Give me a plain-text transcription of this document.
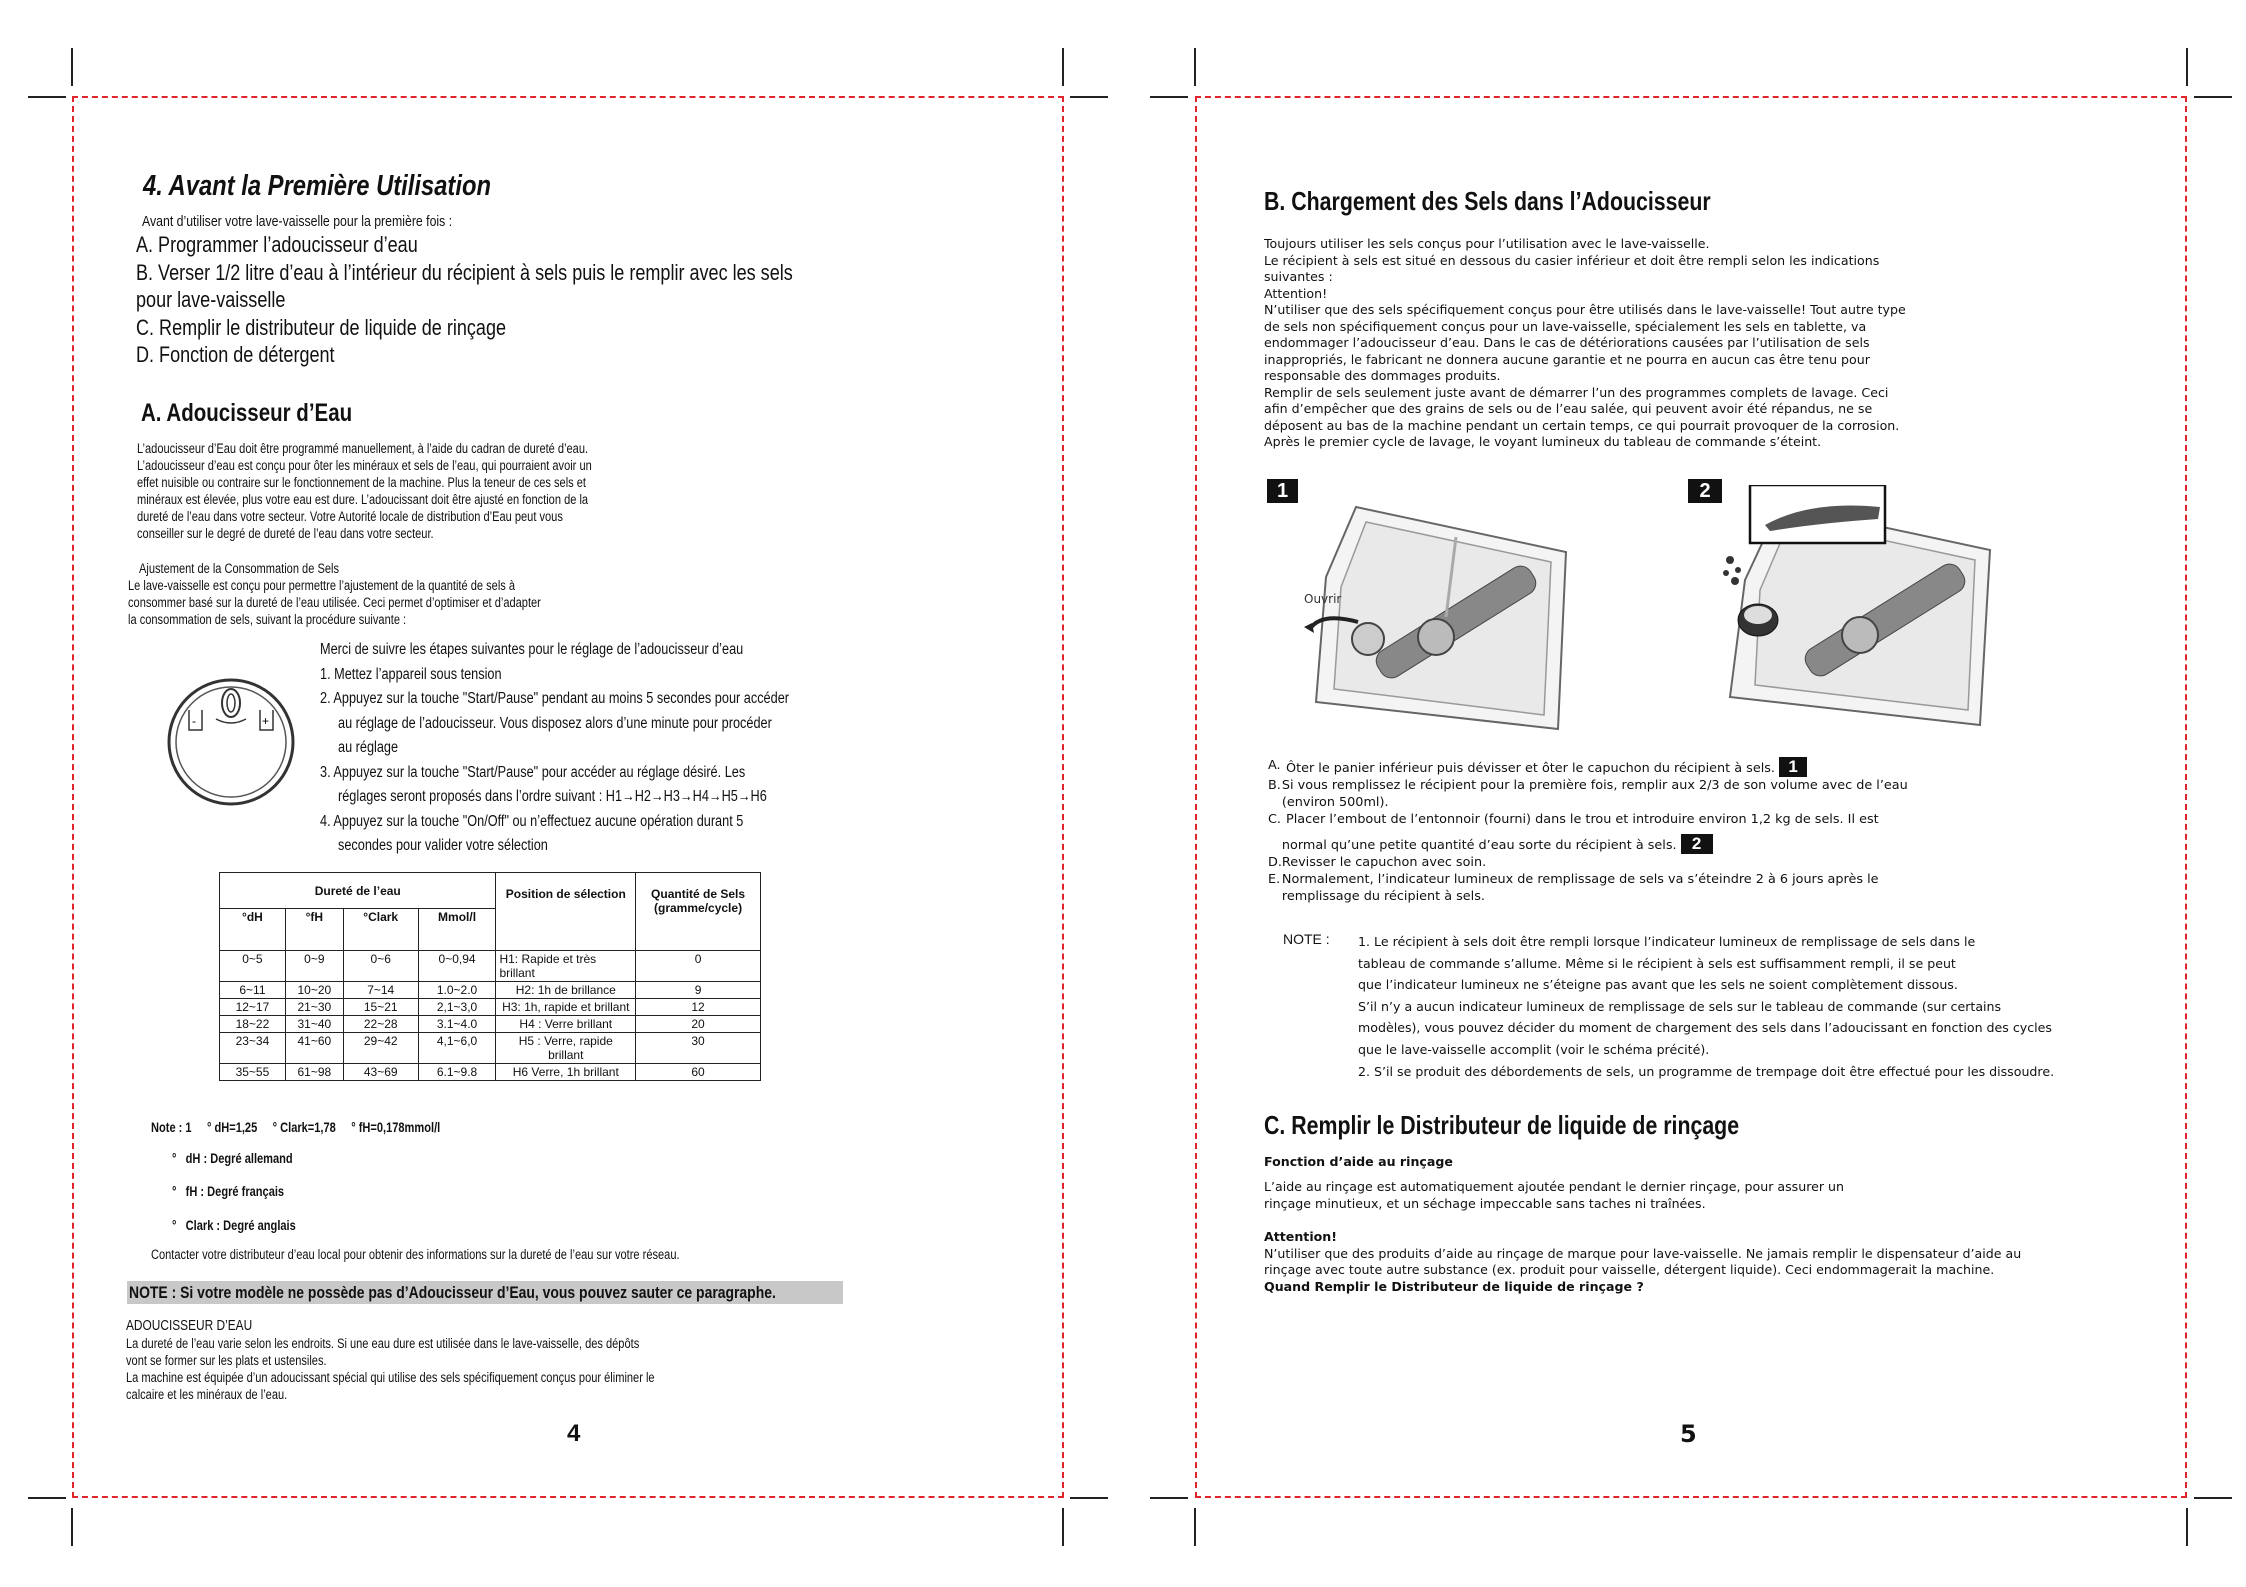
4. Avant la Première Utilisation
Avant d’utiliser votre lave-vaisselle pour la première fois :
A. Programmer l’adoucisseur d’eau
B. Verser 1/2 litre d’eau à l’intérieur du récipient à sels puis le remplir avec les sels
pour lave-vaisselle
C. Remplir le distributeur de liquide de rinçage
D. Fonction de détergent
A. Adoucisseur d’Eau
L’adoucisseur d’Eau doit être programmé manuellement, à l’aide du cadran de dureté d’eau.
L’adoucisseur d’eau est conçu pour ôter les minéraux et sels de l’eau, qui pourraient avoir un
effet nuisible ou contraire sur le fonctionnement de la machine. Plus la teneur de ces sels et
minéraux est élevée, plus votre eau est dure. L’adoucissant doit être ajusté en fonction de la
dureté de l’eau dans votre secteur. Votre Autorité locale de distribution d’Eau peut vous
conseiller sur le degré de dureté de l’eau dans votre secteur.
Ajustement de la Consommation de Sels
Le lave-vaisselle est conçu pour permettre l’ajustement de la quantité de sels à
consommer basé sur la dureté de l’eau utilisée. Ceci permet d’optimiser et d’adapter
la consommation de sels, suivant la procédure suivante :
-	+
Merci de suivre les étapes suivantes pour le réglage de l’adoucisseur d’eau
1. Mettez l’appareil sous tension
2. Appuyez sur la touche "Start/Pause" pendant au moins 5 secondes pour accéder
au réglage de l’adoucisseur. Vous disposez alors d’une minute pour procéder
au réglage
3. Appuyez sur la touche "Start/Pause" pour accéder au réglage désiré. Les
réglages seront proposés dans l’ordre suivant : H1→H2→H3→H4→H5→H6
4. Appuyez sur la touche "On/Off" ou n’effectuez aucune opération durant 5
secondes pour valider votre sélection
Dureté de l’eau				Position de sélection	Quantité de Sels (gramme/cycle)
°dH	°fH	°Clark	Mmol/l		
0~5	0~9	0~6	0~0,94	H1: Rapide et très brillant	0
6~11	10~20	7~14	1.0~2.0	H2: 1h de brillance	9
12~17	21~30	15~21	2,1~3,0	H3: 1h, rapide et brillant	12
18~22	31~40	22~28	3.1~4.0	H4 : Verre brillant	20
23~34	41~60	29~42	4,1~6,0	H5 : Verre, rapide brillant	30
35~55	61~98	43~69	6.1~9.8	H6 Verre, 1h brillant	60
Note : 1     ° dH=1,25     ° Clark=1,78     ° fH=0,178mmol/l
°   dH : Degré allemand
°   fH : Degré français
°   Clark : Degré anglais
Contacter votre distributeur d’eau local pour obtenir des informations sur la dureté de l’eau sur votre réseau.
NOTE : Si votre modèle ne possède pas d’Adoucisseur d’Eau, vous pouvez sauter ce paragraphe.
ADOUCISSEUR D’EAU
La dureté de l’eau varie selon les endroits. Si une eau dure est utilisée dans le lave-vaisselle, des dépôts
vont se former sur les plats et ustensiles.
La machine est équipée d’un adoucissant spécial qui utilise des sels spécifiquement conçus pour éliminer le
calcaire et les minéraux de l’eau.
4
B. Chargement des Sels dans l’Adoucisseur
Toujours utiliser les sels conçus pour l’utilisation avec le lave-vaisselle.
Le récipient à sels est situé en dessous du casier inférieur et doit être rempli selon les indications
suivantes :
Attention!
N’utiliser que des sels spécifiquement conçus pour être utilisés dans le lave-vaisselle! Tout autre type
de sels non spécifiquement conçus pour un lave-vaisselle, spécialement les sels en tablette, va
endommager l’adoucisseur d’eau. Dans le cas de détériorations causées par l’utilisation de sels
inappropriés, le fabricant ne donnera aucune garantie et ne pourra en aucun cas être tenu pour
responsable des dommages produits.
Remplir de sels seulement juste avant de démarrer l’un des programmes complets de lavage. Ceci
afin d’empêcher que des grains de sels ou de l’eau salée, qui peuvent avoir été répandus, ne se
déposent au bas de la machine pendant un certain temps, ce qui pourrait provoquer de la corrosion.
Après le premier cycle de lavage, le voyant lumineux du tableau de commande s’éteint.
1
Ouvrir
2
A.	Ôter le panier inférieur puis dévisser et ôter le capuchon du récipient à sels. 1
B.	Si vous remplissez le récipient pour la première fois, remplir aux 2/3 de son volume avec de l’eau
(environ 500ml).

C.	Placer l’embout de l’entonnoir (fourni) dans le trou et introduire environ 1,2 kg de sels. Il est
normal qu’une petite quantité d’eau sorte du récipient à sels. 2

D.	Revisser le capuchon avec soin.
E.	Normalement, l’indicateur lumineux de remplissage de sels va s’éteindre 2 à 6 jours après le
remplissage du récipient à sels.
NOTE : 1. Le récipient à sels doit être rempli lorsque l’indicateur lumineux de remplissage de sels dans le
tableau de commande s’allume. Même si le récipient à sels est suffisamment rempli, il se peut
que l’indicateur lumineux ne s’éteigne pas avant que les sels ne soient complètement dissous.
S’il n’y a aucun indicateur lumineux de remplissage de sels sur le tableau de commande (sur certains
modèles), vous pouvez décider du moment de chargement des sels dans l’adoucissant en fonction des cycles
que le lave-vaisselle accomplit (voir le schéma précité).
2. S’il se produit des débordements de sels, un programme de trempage doit être effectué pour les dissoudre.
C. Remplir le Distributeur de liquide de rinçage
Fonction d’aide au rinçage
L’aide au rinçage est automatiquement ajoutée pendant le dernier rinçage, pour assurer un
rinçage minutieux, et un séchage impeccable sans taches ni traînées.
Attention!
N’utiliser que des produits d’aide au rinçage de marque pour lave-vaisselle. Ne jamais remplir le dispensateur d’aide au
rinçage avec toute autre substance (ex. produit pour vaisselle, détergent liquide). Ceci endommagerait la machine.
Quand Remplir le Distributeur de liquide de rinçage ?
5
